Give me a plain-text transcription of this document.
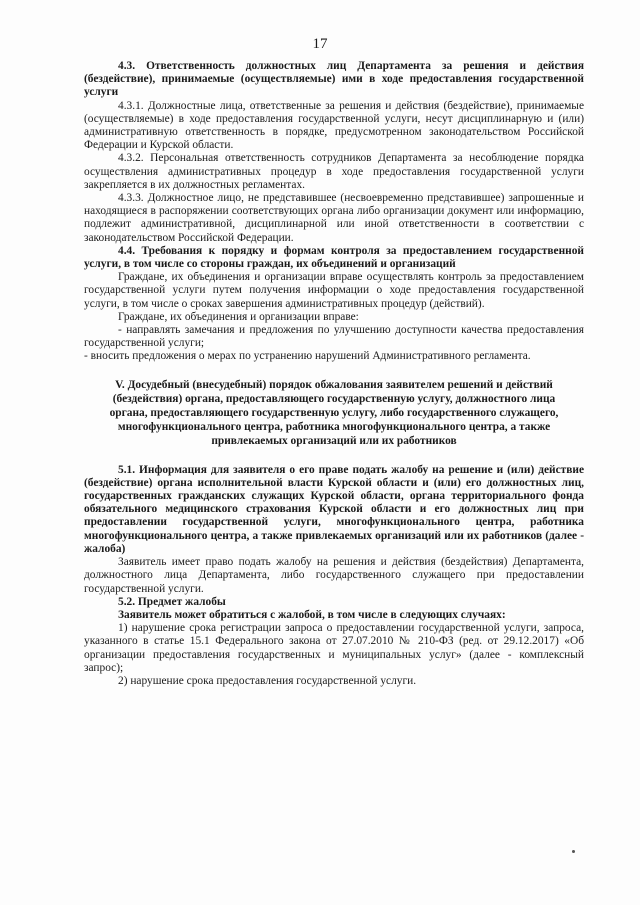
17

4.3. Ответственность должностных лиц Департамента за решения и действия (бездействие), принимаемые (осуществляемые) ими в ходе предоставления государственной услуги

4.3.1. Должностные лица, ответственные за решения и действия (бездействие), принимаемые (осуществляемые) в ходе предоставления государственной услуги, несут дисциплинарную и (или) административную ответственность в порядке, предусмотренном законодательством Российской Федерации и Курской области.

4.3.2. Персональная ответственность сотрудников Департамента за несоблюдение порядка осуществления административных процедур в ходе предоставления государственной услуги закрепляется в их должностных регламентах.

4.3.3. Должностное лицо, не представившее (несвоевременно представившее) запрошенные и находящиеся в распоряжении соответствующих органа либо организации документ или информацию, подлежит административной, дисциплинарной или иной ответственности в соответствии с законодательством Российской Федерации.

4.4. Требования к порядку и формам контроля за предоставлением государственной услуги, в том числе со стороны граждан, их объединений и организаций

Граждане, их объединения и организации вправе осуществлять контроль за предоставлением государственной услуги путем получения информации о ходе предоставления государственной услуги, в том числе о сроках завершения административных процедур (действий).

Граждане, их объединения и организации вправе:

- направлять замечания и предложения по улучшению доступности качества предоставления государственной услуги;

- вносить предложения о мерах по устранению нарушений Административного регламента.

V. Досудебный (внесудебный) порядок обжалования заявителем решений и действий (бездействия) органа, предоставляющего государственную услугу, должностного лица органа, предоставляющего государственную услугу, либо государственного служащего, многофункционального центра, работника многофункционального центра, а также привлекаемых организаций или их работников

5.1. Информация для заявителя о его праве подать жалобу на решение и (или) действие (бездействие) органа исполнительной власти Курской области и (или) его должностных лиц, государственных гражданских служащих Курской области, органа территориального фонда обязательного медицинского страхования Курской области и его должностных лиц при предоставлении государственной услуги, многофункционального центра, работника многофункционального центра, а также привлекаемых организаций или их работников (далее - жалоба)

Заявитель имеет право подать жалобу на решения и действия (бездействия) Департамента, должностного лица Департамента, либо государственного служащего при предоставлении государственной услуги.

5.2. Предмет жалобы

Заявитель может обратиться с жалобой, в том числе в следующих случаях:

1) нарушение срока регистрации запроса о предоставлении государственной услуги, запроса, указанного в статье 15.1 Федерального закона от 27.07.2010 № 210-ФЗ (ред. от 29.12.2017) «Об организации предоставления государственных и муниципальных услуг» (далее - комплексный запрос);

2) нарушение срока предоставления государственной услуги.
